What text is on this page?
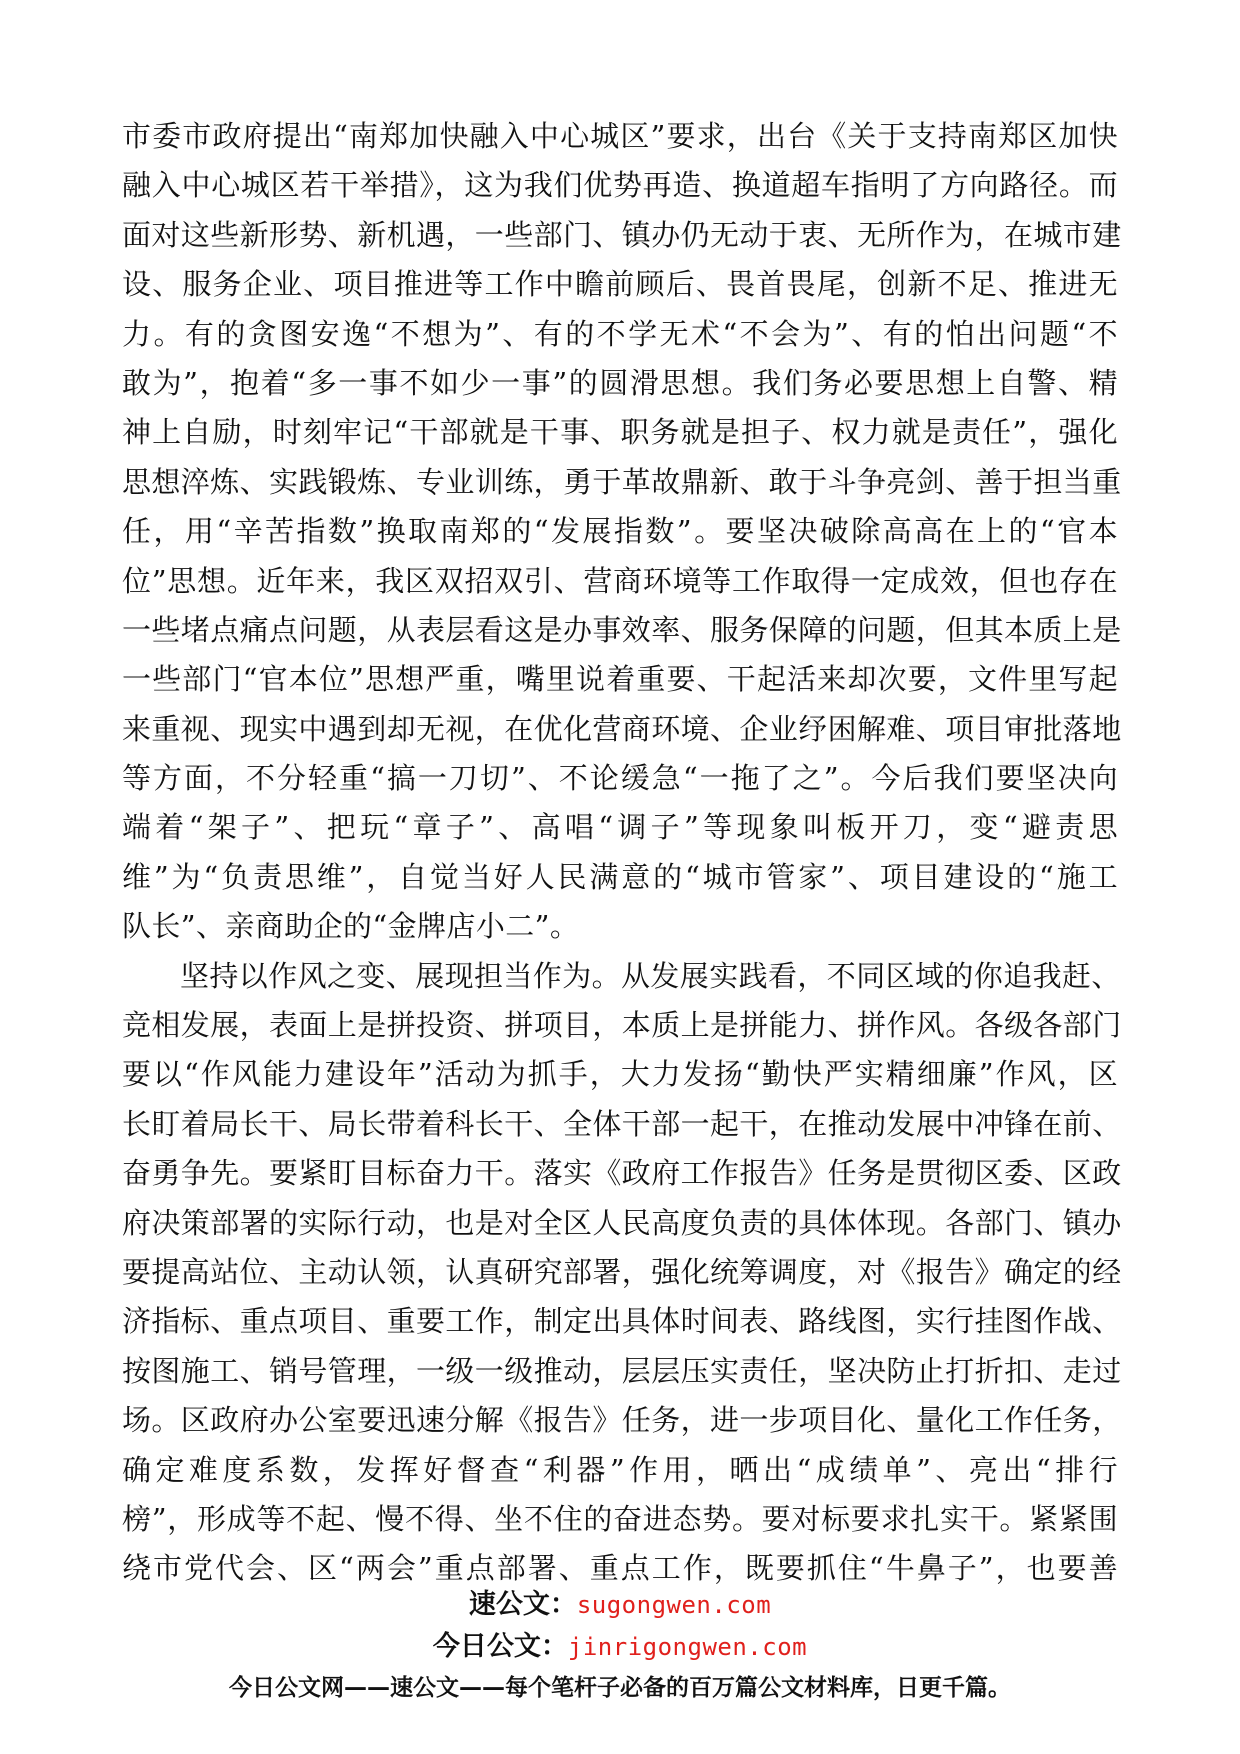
市委市政府提出“南郑加快融入中心城区”要求，出台《关于支持南郑区加快
融入中心城区若干举措》，这为我们优势再造、换道超车指明了方向路径。而
面对这些新形势、新机遇，一些部门、镇办仍无动于衷、无所作为，在城市建
设、服务企业、项目推进等工作中瞻前顾后、畏首畏尾，创新不足、推进无
力。有的贪图安逸“不想为”、有的不学无术“不会为”、有的怕出问题“不
敢为”，抱着“多一事不如少一事”的圆滑思想。我们务必要思想上自警、精
神上自励，时刻牢记“干部就是干事、职务就是担子、权力就是责任”，强化
思想淬炼、实践锻炼、专业训练，勇于革故鼎新、敢于斗争亮剑、善于担当重
任，用“辛苦指数”换取南郑的“发展指数”。要坚决破除高高在上的“官本
位”思想。近年来，我区双招双引、营商环境等工作取得一定成效，但也存在
一些堵点痛点问题，从表层看这是办事效率、服务保障的问题，但其本质上是
一些部门“官本位”思想严重，嘴里说着重要、干起活来却次要，文件里写起
来重视、现实中遇到却无视，在优化营商环境、企业纾困解难、项目审批落地
等方面，不分轻重“搞一刀切”、不论缓急“一拖了之”。今后我们要坚决向
端着“架子”、把玩“章子”、高唱“调子”等现象叫板开刀，变“避责思
维”为“负责思维”，自觉当好人民满意的“城市管家”、项目建设的“施工
队长”、亲商助企的“金牌店小二”。
坚持以作风之变、展现担当作为。从发展实践看，不同区域的你追我赶、
竞相发展，表面上是拼投资、拼项目，本质上是拼能力、拼作风。各级各部门
要以“作风能力建设年”活动为抓手，大力发扬“勤快严实精细廉”作风，区
长盯着局长干、局长带着科长干、全体干部一起干，在推动发展中冲锋在前、
奋勇争先。要紧盯目标奋力干。落实《政府工作报告》任务是贯彻区委、区政
府决策部署的实际行动，也是对全区人民高度负责的具体体现。各部门、镇办
要提高站位、主动认领，认真研究部署，强化统筹调度，对《报告》确定的经
济指标、重点项目、重要工作，制定出具体时间表、路线图，实行挂图作战、
按图施工、销号管理，一级一级推动，层层压实责任，坚决防止打折扣、走过
场。区政府办公室要迅速分解《报告》任务，进一步项目化、量化工作任务，
确定难度系数，发挥好督查“利器”作用，晒出“成绩单”、亮出“排行
榜”，形成等不起、慢不得、坐不住的奋进态势。要对标要求扎实干。紧紧围
绕市党代会、区“两会”重点部署、重点工作，既要抓住“牛鼻子”，也要善
速公文：sugongwen.com
今日公文：jinrigongwen.com
今日公文网——速公文——每个笔杆子必备的百万篇公文材料库，日更千篇。
